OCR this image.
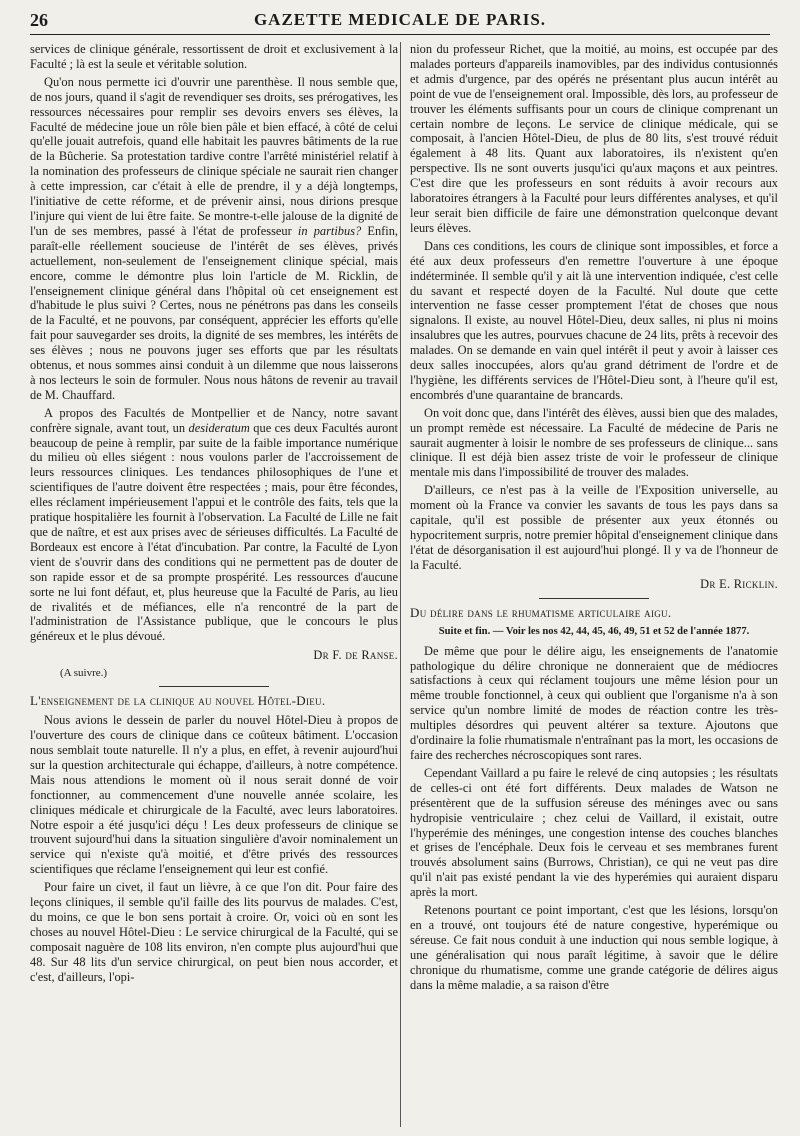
26	GAZETTE MEDICALE DE PARIS.

services de clinique générale, ressortissent de droit et exclusivement à la Faculté ; là est la seule et véritable solution.

Qu'on nous permette ici d'ouvrir une parenthèse. Il nous semble que, de nos jours, quand il s'agit de revendiquer ses droits, ses prérogatives, les ressources nécessaires pour remplir ses devoirs envers ses élèves, la Faculté de médecine joue un rôle bien pâle et bien effacé, à côté de celui qu'elle jouait autrefois, quand elle habitait les pauvres bâtiments de la rue de la Bûcherie. Sa protestation tardive contre l'arrêté ministériel relatif à la nomination des professeurs de clinique spéciale ne saurait rien changer à cette impression, car c'était à elle de prendre, il y a déjà longtemps, l'initiative de cette réforme, et de prévenir ainsi, nous dirions presque l'injure qui vient de lui être faite. Se montre-t-elle jalouse de la dignité de l'un de ses membres, passé à l'état de professeur in partibus? Enfin, paraît-elle réellement soucieuse de l'intérêt de ses élèves, privés actuellement, non-seulement de l'enseignement clinique spécial, mais encore, comme le démontre plus loin l'article de M. Ricklin, de l'enseignement clinique général dans l'hôpital où cet enseignement est d'habitude le plus suivi ? Certes, nous ne pénétrons pas dans les conseils de la Faculté, et ne pouvons, par conséquent, apprécier les efforts qu'elle fait pour sauvegarder ses droits, la dignité de ses membres, les intérêts de ses élèves ; nous ne pouvons juger ses efforts que par les résultats obtenus, et nous sommes ainsi conduit à un dilemme que nous laisserons à nos lecteurs le soin de formuler. Nous nous hâtons de revenir au travail de M. Chauffard.

A propos des Facultés de Montpellier et de Nancy, notre savant confrère signale, avant tout, un desideratum que ces deux Facultés auront beaucoup de peine à remplir, par suite de la faible importance numérique du milieu où elles siégent : nous voulons parler de l'accroissement de leurs ressources cliniques. Les tendances philosophiques de l'une et scientifiques de l'autre doivent être respectées ; mais, pour être fécondes, elles réclament impérieusement l'appui et le contrôle des faits, tels que la pratique hospitalière les fournit à l'observation. La Faculté de Lille ne fait que de naître, et est aux prises avec de sérieuses difficultés. La Faculté de Bordeaux est encore à l'état d'incubation. Par contre, la Faculté de Lyon vient de s'ouvrir dans des conditions qui ne permettent pas de douter de son rapide essor et de sa prompte prospérité. Les ressources d'aucune sorte ne lui font défaut, et, plus heureuse que la Faculté de Paris, au lieu de rivalités et de méfiances, elle n'a rencontré de la part de l'administration de l'Assistance publique, que le concours le plus généreux et le plus dévoué.

Dr F. de Ranse.
(A suivre.)
L'enseignement de la clinique au nouvel Hôtel-Dieu.

Nous avions le dessein de parler du nouvel Hôtel-Dieu à propos de l'ouverture des cours de clinique dans ce coûteux bâtiment. L'occasion nous semblait toute naturelle. Il n'y a plus, en effet, à revenir aujourd'hui sur la question architecturale qui échappe, d'ailleurs, à notre compétence. Mais nous attendions le moment où il nous serait donné de voir fonctionner, au commencement d'une nouvelle année scolaire, les cliniques médicale et chirurgicale de la Faculté, avec leurs laboratoires. Notre espoir a été jusqu'ici déçu ! Les deux professeurs de clinique se trouvent sujourd'hui dans la situation singulière d'avoir nominalement un service qui n'existe qu'à moitié, et d'être privés des ressources scientifiques que réclame l'enseignement qui leur est confié.

Pour faire un civet, il faut un lièvre, à ce que l'on dit. Pour faire des leçons cliniques, il semble qu'il faille des lits pourvus de malades. C'est, du moins, ce que le bon sens portait à croire. Or, voici où en sont les choses au nouvel Hôtel-Dieu : Le service chirurgical de la Faculté, qui se composait naguère de 108 lits environ, n'en compte plus aujourd'hui que 48. Sur 48 lits d'un service chirurgical, on peut bien nous accorder, et c'est, d'ailleurs, l'opi-

nion du professeur Richet, que la moitié, au moins, est occupée par des malades porteurs d'appareils inamovibles, par des individus contusionnés et admis d'urgence, par des opérés ne présentant plus aucun intérêt au point de vue de l'enseignement oral. Impossible, dès lors, au professeur de trouver les éléments suffisants pour un cours de clinique comprenant un certain nombre de leçons. Le service de clinique médicale, qui se composait, à l'ancien Hôtel-Dieu, de plus de 80 lits, s'est trouvé réduit également à 48 lits. Quant aux laboratoires, ils n'existent qu'en perspective. Ils ne sont ouverts jusqu'ici qu'aux maçons et aux peintres. C'est dire que les professeurs en sont réduits à avoir recours aux laboratoires étrangers à la Faculté pour leurs différentes analyses, et qu'il leur serait bien difficile de faire une démonstration quelconque devant leurs élèves.

Dans ces conditions, les cours de clinique sont impossibles, et force a été aux deux professeurs d'en remettre l'ouverture à une époque indéterminée. Il semble qu'il y ait là une intervention indiquée, c'est celle du savant et respecté doyen de la Faculté. Nul doute que cette intervention ne fasse cesser promptement l'état de choses que nous signalons. Il existe, au nouvel Hôtel-Dieu, deux salles, ni plus ni moins insalubres que les autres, pourvues chacune de 24 lits, prêts à recevoir des malades. On se demande en vain quel intérêt il peut y avoir à laisser ces deux salles inoccupées, alors qu'au grand détriment de l'ordre et de l'hygiène, les différents services de l'Hôtel-Dieu sont, à l'heure qu'il est, encombrés d'une quarantaine de brancards.

On voit donc que, dans l'intérêt des élèves, aussi bien que des malades, un prompt remède est nécessaire. La Faculté de médecine de Paris ne saurait augmenter à loisir le nombre de ses professeurs de clinique... sans clinique. Il est déjà bien assez triste de voir le professeur de clinique mentale mis dans l'impossibilité de trouver des malades.

D'ailleurs, ce n'est pas à la veille de l'Exposition universelle, au moment où la France va convier les savants de tous les pays dans sa capitale, qu'il est possible de présenter aux yeux étonnés ou hypocritement surpris, notre premier hôpital d'enseignement clinique dans l'état de désorganisation il est aujourd'hui plongé. Il y va de l'honneur de la Faculté.

Dr E. Ricklin.
Du délire dans le rhumatisme articulaire aigu.
Suite et fin. — Voir les nos 42, 44, 45, 46, 49, 51 et 52 de l'année 1877.

De même que pour le délire aigu, les enseignements de l'anatomie pathologique du délire chronique ne donneraient que de médiocres satisfactions à ceux qui réclament toujours une même lésion pour un même trouble fonctionnel, à ceux qui oublient que l'organisme n'a à son service qu'un nombre limité de modes de réaction contre les très-multiples désordres qui peuvent altérer sa texture. Ajoutons que d'ordinaire la folie rhumatismale n'entraînant pas la mort, les occasions de faire des recherches nécroscopiques sont rares.

Cependant Vaillard a pu faire le relevé de cinq autopsies ; les résultats de celles-ci ont été fort différents. Deux malades de Watson ne présentèrent que de la suffusion séreuse des méninges avec ou sans hydropisie ventriculaire ; chez celui de Vaillard, il existait, outre l'hyperémie des méninges, une congestion intense des couches blanches et grises de l'encéphale. Deux fois le cerveau et ses membranes furent trouvés absolument sains (Burrows, Christian), ce qui ne veut pas dire qu'il n'ait pas existé pendant la vie des hyperémies qui auraient disparu après la mort.

Retenons pourtant ce point important, c'est que les lésions, lorsqu'on en a trouvé, ont toujours été de nature congestive, hyperémique ou séreuse. Ce fait nous conduit à une induction qui nous semble logique, à une généralisation qui nous paraît légitime, à savoir que le délire chronique du rhumatisme, comme une grande catégorie de délires aigus dans la même maladie, a sa raison d'être
